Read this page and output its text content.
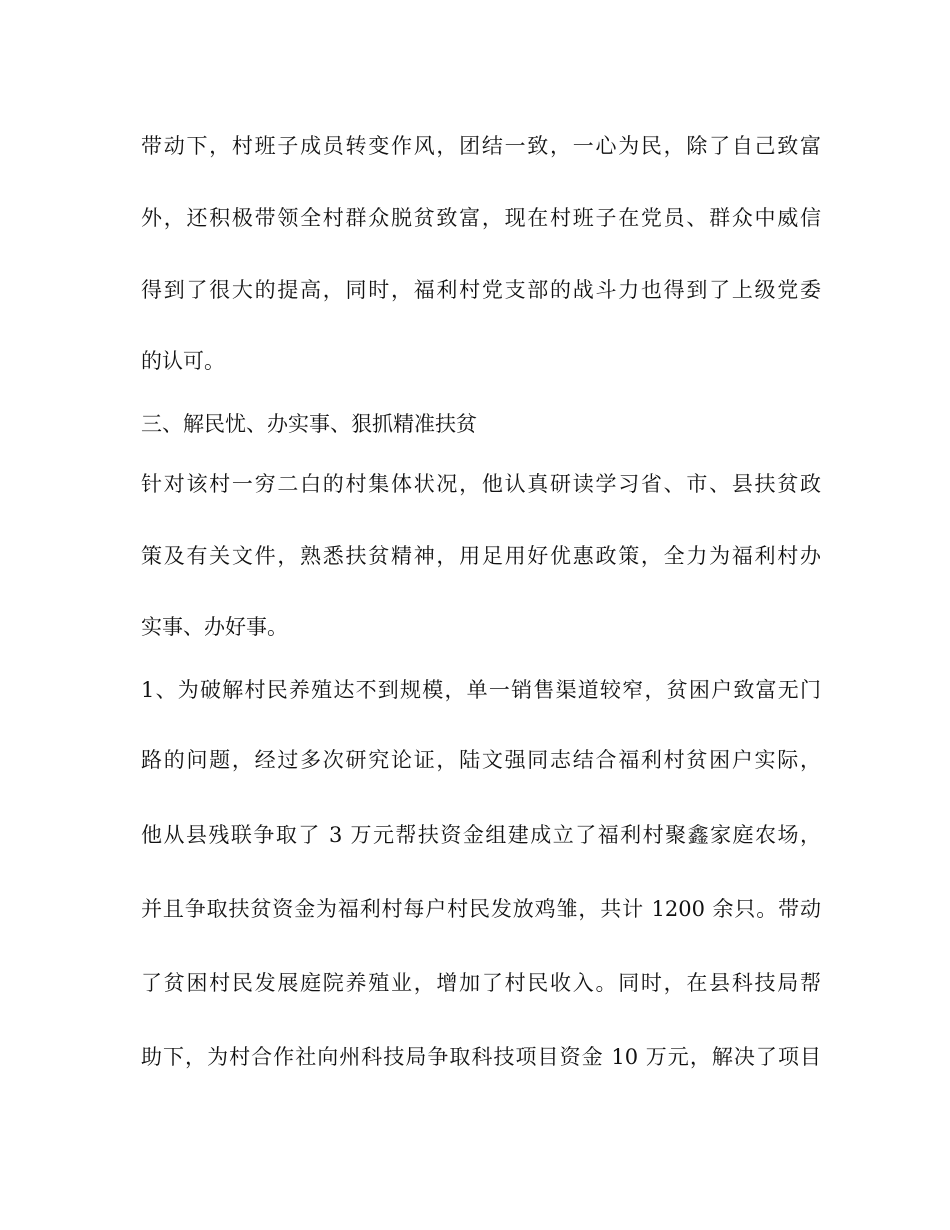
带动下，村班子成员转变作风，团结一致，一心为民，除了自己致富

外，还积极带领全村群众脱贫致富，现在村班子在党员、群众中威信

得到了很大的提高，同时，福利村党支部的战斗力也得到了上级党委

的认可。

三、解民忧、办实事、狠抓精准扶贫

针对该村一穷二白的村集体状况，他认真研读学习省、市、县扶贫政

策及有关文件，熟悉扶贫精神，用足用好优惠政策，全力为福利村办

实事、办好事。

1、为破解村民养殖达不到规模，单一销售渠道较窄，贫困户致富无门

路的问题，经过多次研究论证，陆文强同志结合福利村贫困户实际，

他从县残联争取了 3 万元帮扶资金组建成立了福利村聚鑫家庭农场，

并且争取扶贫资金为福利村每户村民发放鸡雏，共计 1200 余只。带动

了贫困村民发展庭院养殖业，增加了村民收入。同时，在县科技局帮

助下，为村合作社向州科技局争取科技项目资金 10 万元，解决了项目
